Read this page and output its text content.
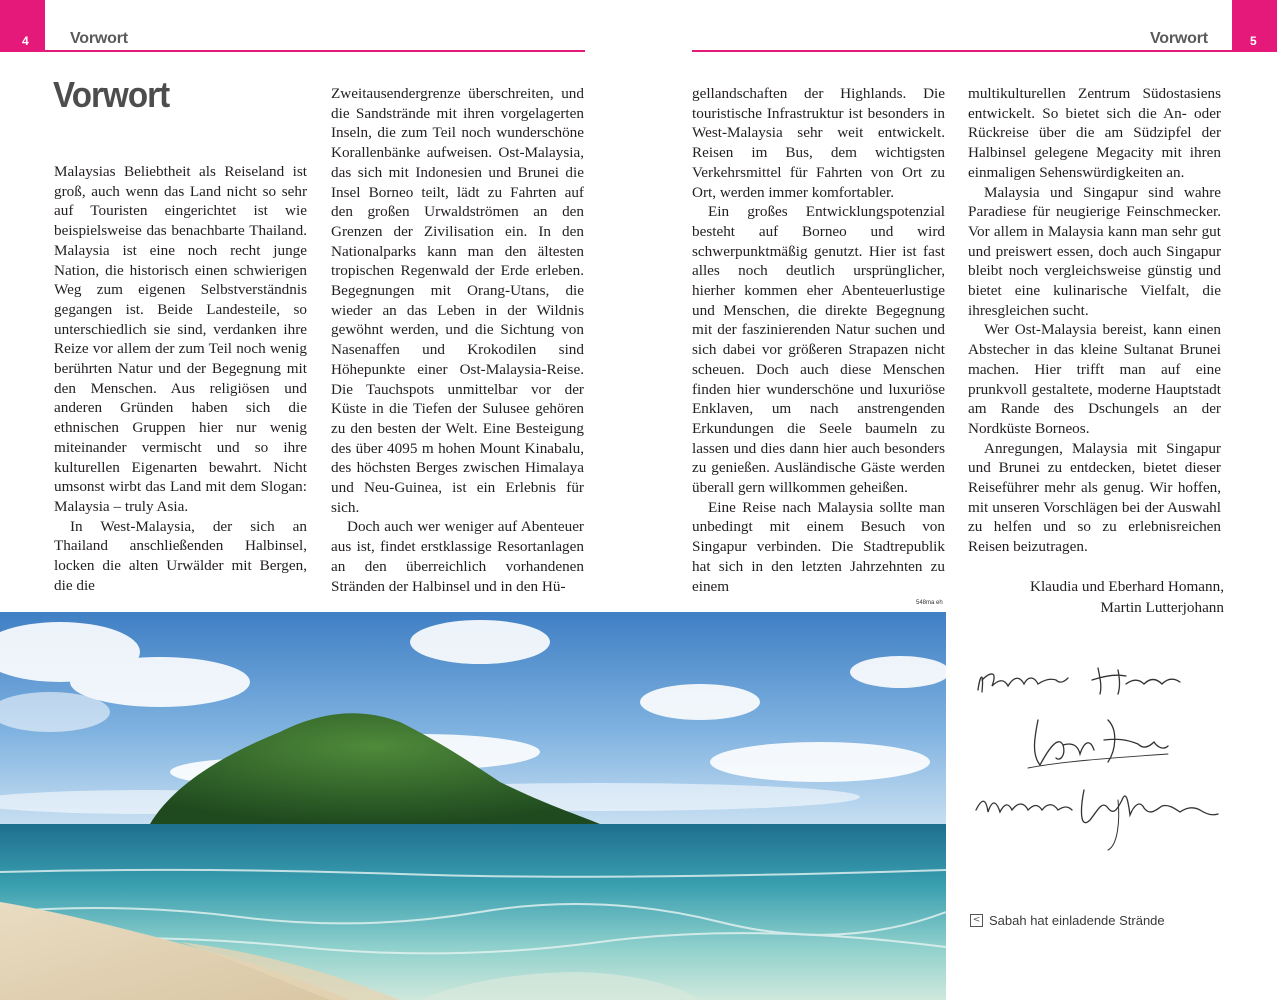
4	Vorwort	5
Vorwort
Vorwort

Malaysias Beliebtheit als Reiseland ist groß, auch wenn das Land nicht so sehr auf Touristen eingerichtet ist wie beispielsweise das benachbarte Thailand. Malaysia ist eine noch recht junge Nation, die historisch einen schwierigen Weg zum eigenen Selbstverständnis gegangen ist. Beide Landesteile, so unterschiedlich sie sind, verdanken ihre Reize vor allem der zum Teil noch wenig berührten Natur und der Begegnung mit den Menschen. Aus religiösen und anderen Gründen haben sich die ethnischen Gruppen hier nur wenig miteinander vermischt und so ihre kulturellen Eigenarten bewahrt. Nicht umsonst wirbt das Land mit dem Slogan: Malaysia – truly Asia.

In West-Malaysia, der sich an Thailand anschließenden Halbinsel, locken die alten Urwälder mit Bergen, die die

Zweitausendergrenze überschreiten, und die Sandstrände mit ihren vorgelagerten Inseln, die zum Teil noch wunderschöne Korallenbänke aufweisen. Ost-Malaysia, das sich mit Indonesien und Brunei die Insel Borneo teilt, lädt zu Fahrten auf den großen Urwaldströmen an den Grenzen der Zivilisation ein. In den Nationalparks kann man den ältesten tropischen Regenwald der Erde erleben. Begegnungen mit Orang-Utans, die wieder an das Leben in der Wildnis gewöhnt werden, und die Sichtung von Nasenaffen und Krokodilen sind Höhepunkte einer Ost-Malaysia-Reise. Die Tauchspots unmittelbar vor der Küste in die Tiefen der Sulusee gehören zu den besten der Welt. Eine Besteigung des über 4095 m hohen Mount Kinabalu, des höchsten Berges zwischen Himalaya und Neu-Guinea, ist ein Erlebnis für sich.

Doch auch wer weniger auf Abenteuer aus ist, findet erstklassige Resortanlagen an den überreichlich vorhandenen Stränden der Halbinsel und in den Hü-

gellandschaften der Highlands. Die touristische Infrastruktur ist besonders in West-Malaysia sehr weit entwickelt. Reisen im Bus, dem wichtigsten Verkehrsmittel für Fahrten von Ort zu Ort, werden immer komfortabler.

Ein großes Entwicklungspotenzial besteht auf Borneo und wird schwerpunktmäßig genutzt. Hier ist fast alles noch deutlich ursprünglicher, hierher kommen eher Abenteuerlustige und Menschen, die direkte Begegnung mit der faszinierenden Natur suchen und sich dabei vor größeren Strapazen nicht scheuen. Doch auch diese Menschen finden hier wunderschöne und luxuriöse Enklaven, um nach anstrengenden Erkundungen die Seele baumeln zu lassen und dies dann hier auch besonders zu genießen. Ausländische Gäste werden überall gern willkommen geheißen.

Eine Reise nach Malaysia sollte man unbedingt mit einem Besuch von Singapur verbinden. Die Stadtrepublik hat sich in den letzten Jahrzehnten zu einem

multikulturellen Zentrum Südostasiens entwickelt. So bietet sich die An- oder Rückreise über die am Südzipfel der Halbinsel gelegene Megacity mit ihren einmaligen Sehenswürdigkeiten an.

Malaysia und Singapur sind wahre Paradiese für neugierige Feinschmecker. Vor allem in Malaysia kann man sehr gut und preiswert essen, doch auch Singapur bleibt noch vergleichsweise günstig und bietet eine kulinarische Vielfalt, die ihresgleichen sucht.

Wer Ost-Malaysia bereist, kann einen Abstecher in das kleine Sultanat Brunei machen. Hier trifft man auf eine prunkvoll gestaltete, moderne Hauptstadt am Rande des Dschungels an der Nordküste Borneos.

Anregungen, Malaysia mit Singapur und Brunei zu entdecken, bietet dieser Reiseführer mehr als genug. Wir hoffen, mit unseren Vorschlägen bei der Auswahl zu helfen und so zu erlebnisreichen Reisen beizutragen.

548ma eh
Klaudia und Eberhard Homann,
Martin Lutterjohann
< Sabah hat einladende Strände
